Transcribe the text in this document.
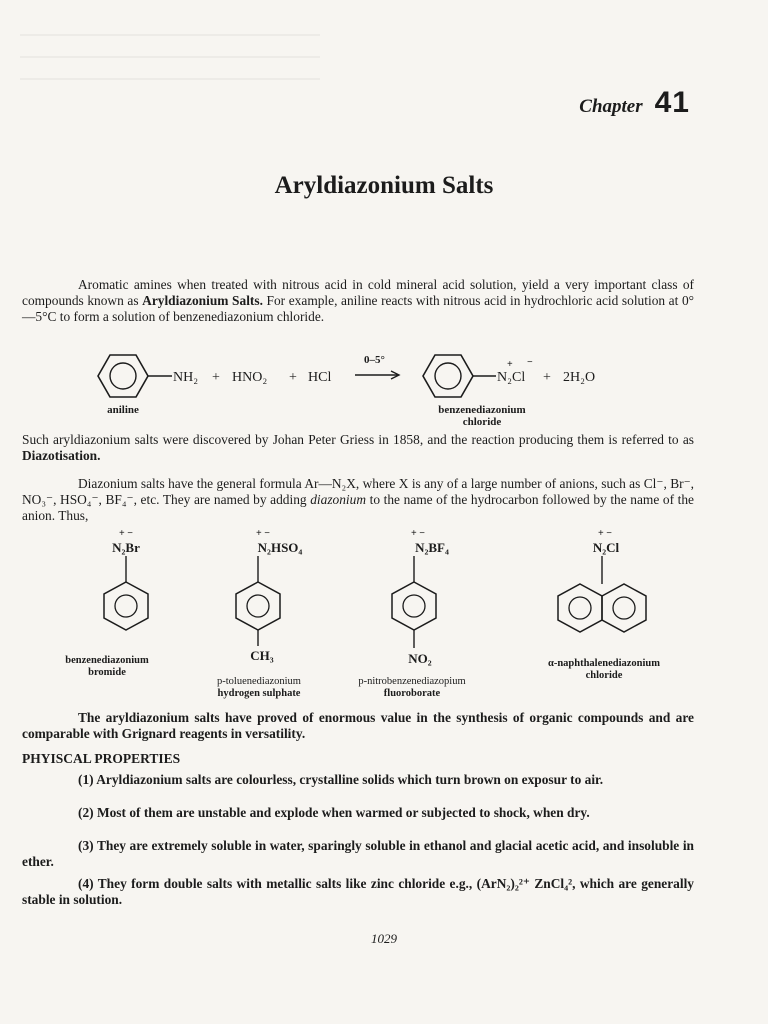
Chapter 41
Aryldiazonium Salts

Aromatic amines when treated with nitrous acid in cold mineral acid solution, yield a very important class of compounds known as Aryldiazonium Salts. For example, aniline reacts with nitrous acid in hydrochloric acid solution at 0°—5°C to form a solution of benzenediazonium chloride.

NH₂ + HNO₂ + HCl
0–5°	+ −
N₂Cl + 2H₂O
aniline	benzenediazonium
chloride

Such aryldiazonium salts were discovered by Johan Peter Griess in 1858, and the reaction producing them is referred to as Diazotisation.

Diazonium salts have the general formula Ar—N₂X, where X is any of a large number of anions, such as Cl⁻, Br⁻, NO₃⁻, HSO₄⁻, BF₄⁻, etc. They are named by adding diazonium to the name of the hydrocarbon followed by the name of the anion. Thus,

+ −
N₂Br
benzenediazonium
bromide
+ −
N₂HSO₄
CH₃
p-toluenediazonium
hydrogen sulphate
+ −
N₂BF₄
NO₂
p-nitrobenzenediazopium
fluoroborate
+ −
N₂Cl
α-naphthalenediazonium
chloride

The aryldiazonium salts have proved of enormous value in the synthesis of organic compounds and are comparable with Grignard reagents in versatility.

PHYISCAL PROPERTIES

(1) Aryldiazonium salts are colourless, crystalline solids which turn brown on exposur to air.

(2) Most of them are unstable and explode when warmed or subjected to shock, when dry.

(3) They are extremely soluble in water, sparingly soluble in ethanol and glacial acetic acid, and insoluble in ether.

(4) They form double salts with metallic salts like zinc chloride e.g., (ArN₂)₂²⁺ ZnCl₄², which are generally stable in solution.

1029
